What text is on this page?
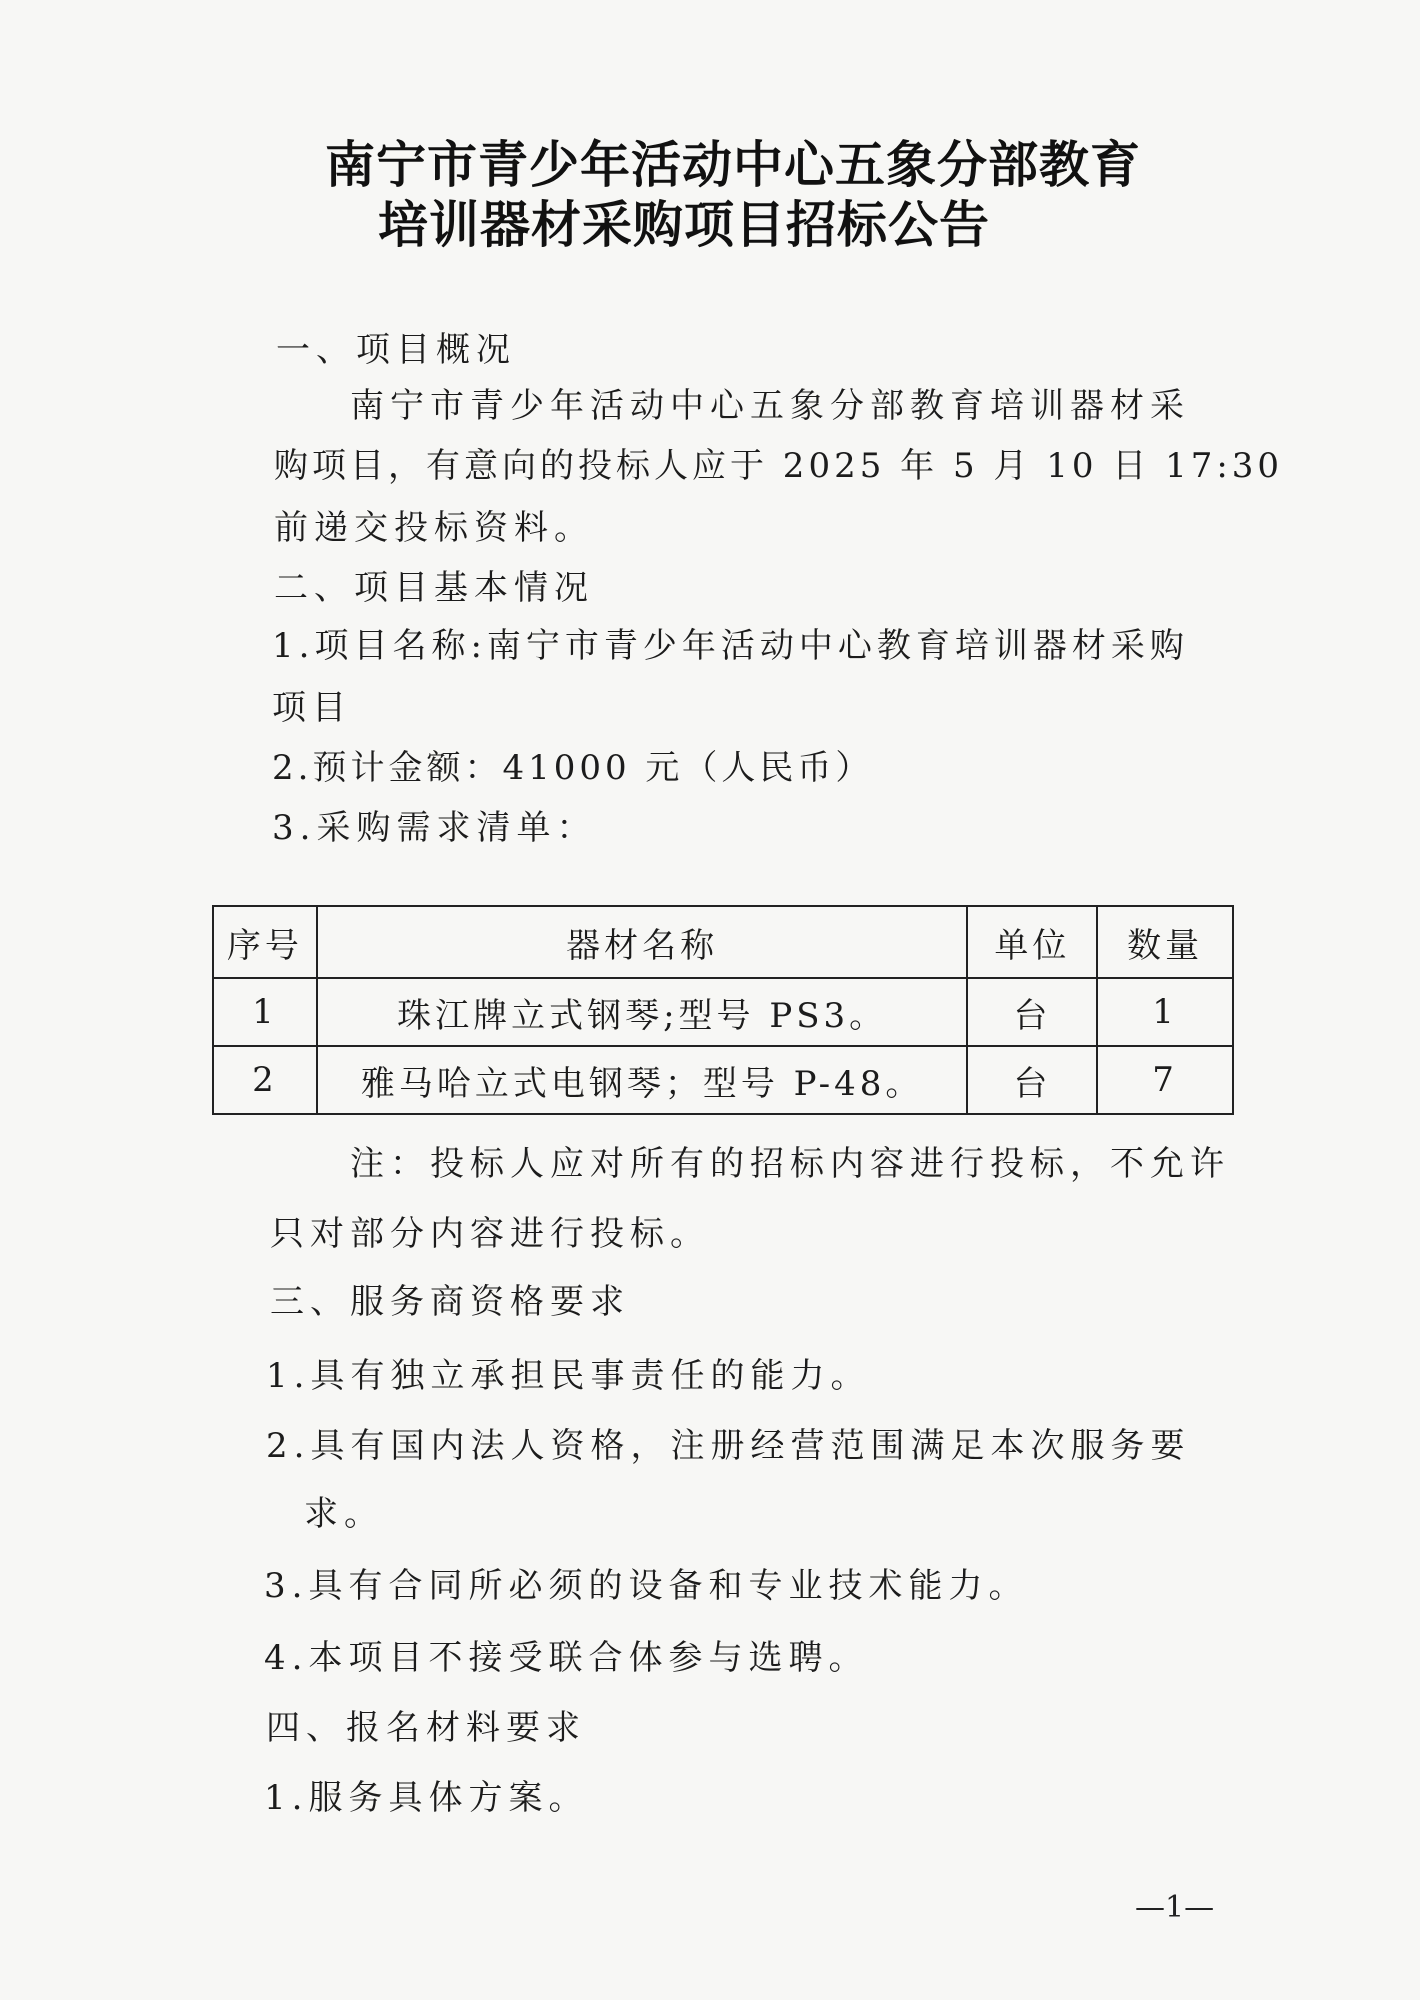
南宁市青少年活动中心五象分部教育
培训器材采购项目招标公告
一、项目概况
南宁市青少年活动中心五象分部教育培训器材采
购项目，有意向的投标人应于 2025 年 5 月 10 日 17:30
前递交投标资料。
二、项目基本情况
1.项目名称:南宁市青少年活动中心教育培训器材采购
项目
2.预计金额：41000 元（人民币）
3.采购需求清单：
序号	器材名称	单位	数量
1	珠江牌立式钢琴;型号 PS3。	台	1
2	雅马哈立式电钢琴；型号 P-48。	台	7
注：投标人应对所有的招标内容进行投标，不允许
只对部分内容进行投标。
三、服务商资格要求
1.具有独立承担民事责任的能力。
2.具有国内法人资格，注册经营范围满足本次服务要
求。
3.具有合同所必须的设备和专业技术能力。
4.本项目不接受联合体参与选聘。
四、报名材料要求
1.服务具体方案。
—1—
